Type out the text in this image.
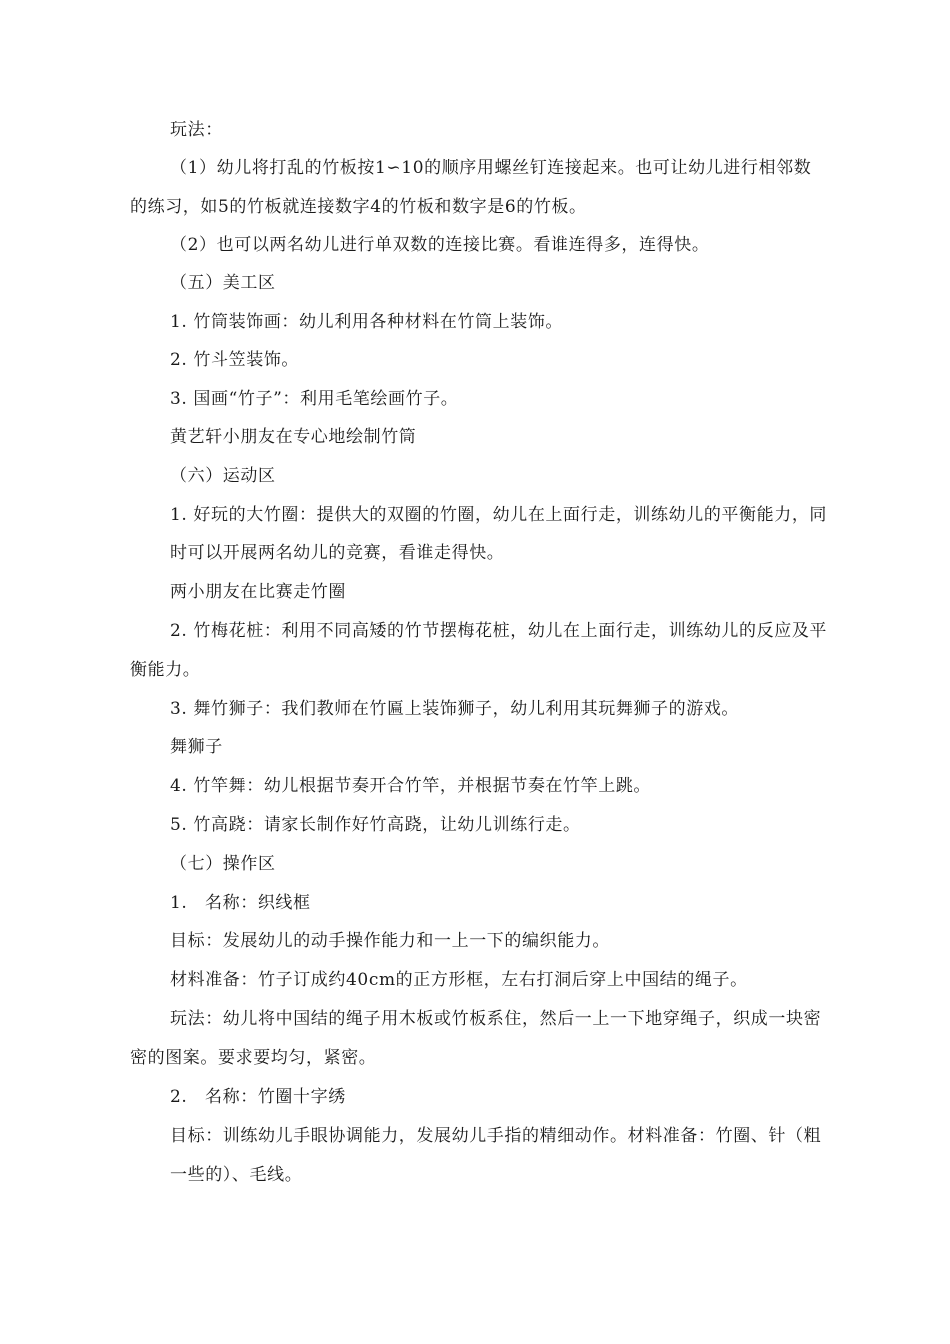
玩法：
（1）幼儿将打乱的竹板按1∽10的顺序用螺丝钉连接起来。也可让幼儿进行相邻数
的练习，如5的竹板就连接数字4的竹板和数字是6的竹板。
（2）也可以两名幼儿进行单双数的连接比赛。看谁连得多，连得快。
（五）美工区
1. 竹筒装饰画：幼儿利用各种材料在竹筒上装饰。
2. 竹斗笠装饰。
3. 国画“竹子”：利用毛笔绘画竹子。
黄艺轩小朋友在专心地绘制竹筒
（六）运动区
1. 好玩的大竹圈：提供大的双圈的竹圈，幼儿在上面行走，训练幼儿的平衡能力，同
时可以开展两名幼儿的竞赛，看谁走得快。
两小朋友在比赛走竹圈
2. 竹梅花桩：利用不同高矮的竹节摆梅花桩，幼儿在上面行走，训练幼儿的反应及平
衡能力。
3. 舞竹狮子：我们教师在竹匾上装饰狮子，幼儿利用其玩舞狮子的游戏。
舞狮子
4. 竹竿舞：幼儿根据节奏开合竹竿，并根据节奏在竹竿上跳。
5. 竹高跷：请家长制作好竹高跷，让幼儿训练行走。
（七）操作区
1.　名称：织线框
目标：发展幼儿的动手操作能力和一上一下的编织能力。
材料准备：竹子订成约40cm的正方形框，左右打洞后穿上中国结的绳子。
玩法：幼儿将中国结的绳子用木板或竹板系住，然后一上一下地穿绳子，织成一块密
密的图案。要求要均匀，紧密。
2.　名称：竹圈十字绣
目标：训练幼儿手眼协调能力，发展幼儿手指的精细动作。材料准备：竹圈、针（粗
一些的）、毛线。
